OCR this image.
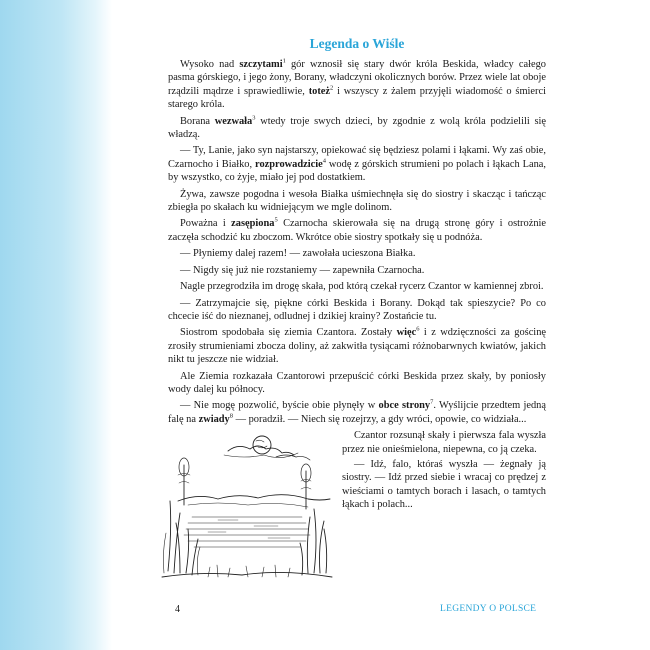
Legenda o Wiśle

Wysoko nad szczytami$^1$ gór wznosił się stary dwór króla Beskida, władcy całego pasma górskiego, i jego żony, Borany, władczyni okolicznych borów. Przez wiele lat oboje rządzili mądrze i sprawiedliwie, toteż$^2$ i wszyscy z żalem przyjęli wiadomość o śmierci starego króla.

Borana wezwała$^3$ wtedy troje swych dzieci, by zgodnie z wolą króla podzielili się władzą.

— Ty, Lanie, jako syn najstarszy, opiekować się będziesz polami i łąkami. Wy zaś obie, Czarnocho i Białko, rozprowadzicie$^4$ wodę z górskich strumieni po polach i łąkach Lana, by wszystko, co żyje, miało jej pod dostatkiem.

Żywa, zawsze pogodna i wesoła Białka uśmiechnęła się do siostry i skacząc i tańcząc zbiegła po skałach ku widniejącym we mgle dolinom.

Poważna i zasępiona$^5$ Czarnocha skierowała się na drugą stronę góry i ostrożnie zaczęła schodzić ku zboczom. Wkrótce obie siostry spotkały się u podnóża.

— Płyniemy dalej razem! — zawołała ucieszona Białka.

— Nigdy się już nie rozstaniemy — zapewniła Czarnocha.

Nagle przegrodziła im drogę skała, pod którą czekał rycerz Czantor w kamiennej zbroi.

— Zatrzymajcie się, piękne córki Beskida i Borany. Dokąd tak spieszycie? Po co chcecie iść do nieznanej, odludnej i dzikiej krainy? Zostańcie tu.

Siostrom spodobała się ziemia Czantora. Zostały więc$^6$ i z wdzięczności za gościnę zrosiły strumieniami zbocza doliny, aż zakwitła tysiącami różnobarwnych kwiatów, jakich nikt tu jeszcze nie widział.

Ale Ziemia rozkazała Czantorowi przepuścić córki Beskida przez skały, by poniosły wody dalej ku północy.

— Nie mogę pozwolić, byście obie płynęły w obce strony$^7$. Wyślijcie przedtem jedną falę na zwiady$^8$ — poradził. — Niech się rozejrzy, a gdy wróci, opowie, co widziała...

Czantor rozsunął skały i pierwsza fala wyszła przez nie onieśmielona, niepewna, co ją czeka.

— Idź, falo, któraś wyszła — żegnały ją siostry. — Idź przed siebie i wracaj co prędzej z wieściami o tamtych borach i lasach, o tamtych łąkach i polach...

4	LEGENDY O POLSCE
